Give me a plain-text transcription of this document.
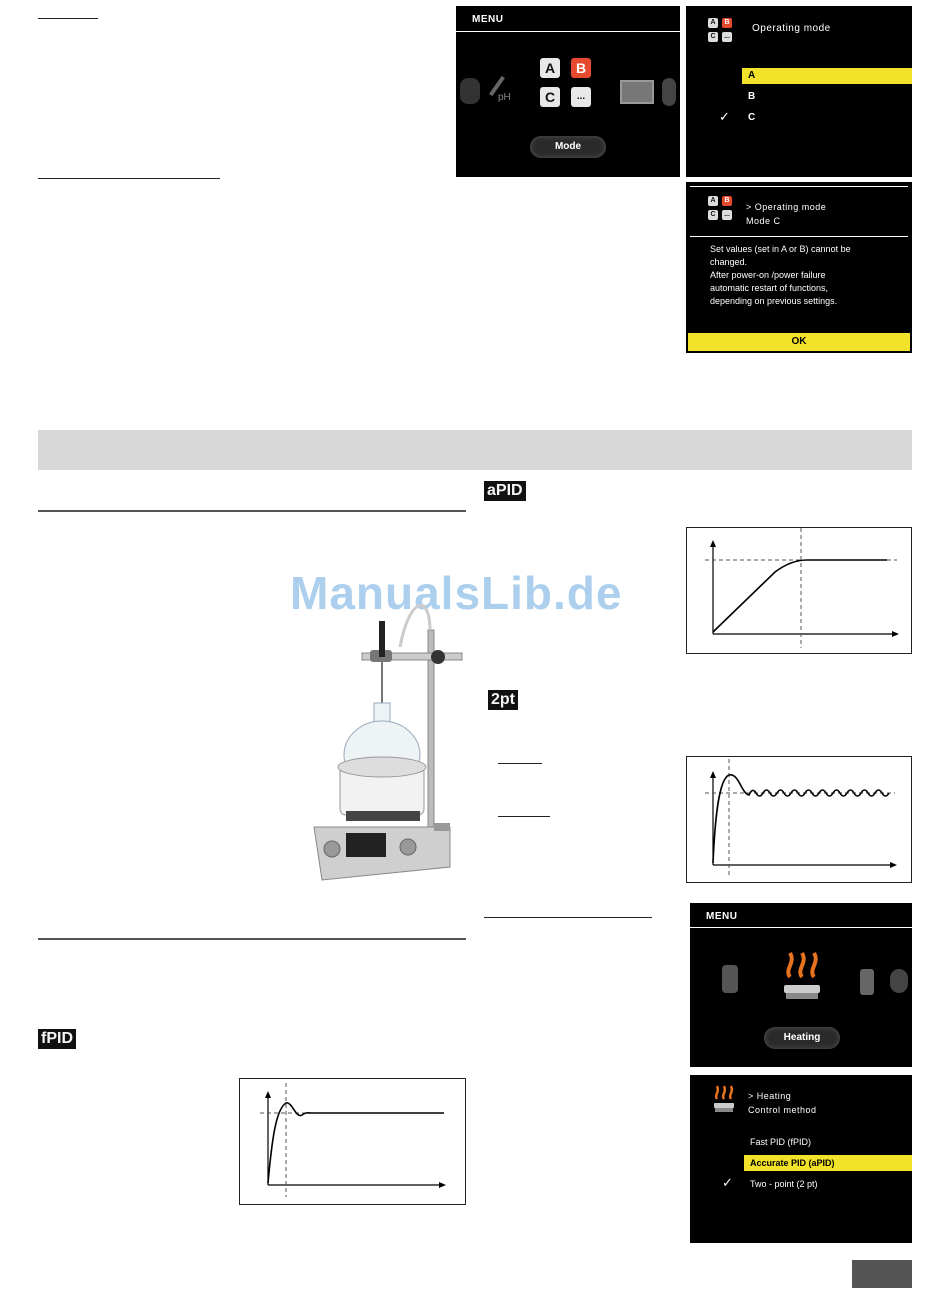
MENU
pH
A	B
C	...
Mode
A	B
C	...
Operating mode
A
B
✓ C
A	B
C	...
> Operating mode
Mode C
Set values (set in A or B) cannot be
changed.
After power-on /power failure
automatic restart of functions,
depending on previous settings.
OK
ManualsLib.de
aPID
2pt
fPID
MENU
Heating
> Heating
Control method
Fast PID (fPID)
Accurate PID (aPID)
✓ Two - point (2 pt)
